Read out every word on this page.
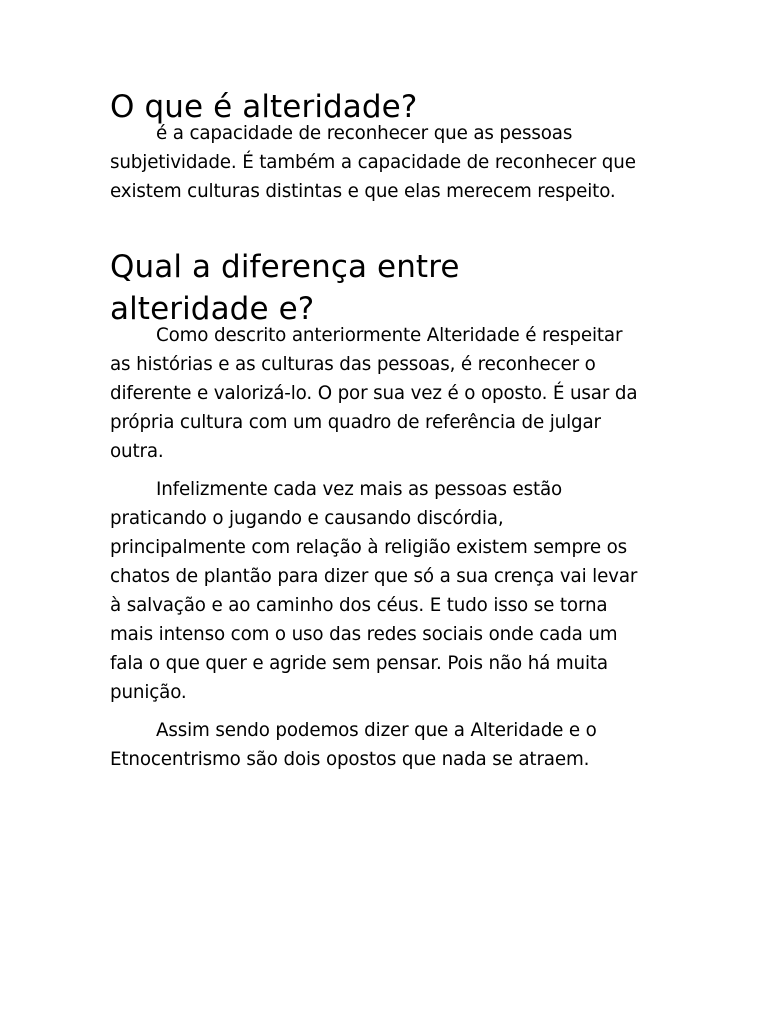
O que é alteridade?

é a capacidade de reconhecer que as pessoas
subjetividade. É também a capacidade de reconhecer que
existem culturas distintas e que elas merecem respeito.

Qual a diferença entre
alteridade e?

Como descrito anteriormente Alteridade é respeitar
as histórias e as culturas das pessoas, é reconhecer o
diferente e valorizá-lo. O por sua vez é o oposto. É usar da
própria cultura com um quadro de referência de julgar
outra.

Infelizmente cada vez mais as pessoas estão
praticando o jugando e causando discórdia,
principalmente com relação à religião existem sempre os
chatos de plantão para dizer que só a sua crença vai levar
à salvação e ao caminho dos céus. E tudo isso se torna
mais intenso com o uso das redes sociais onde cada um
fala o que quer e agride sem pensar. Pois não há muita
punição.

Assim sendo podemos dizer que a Alteridade e o
Etnocentrismo são dois opostos que nada se atraem.
